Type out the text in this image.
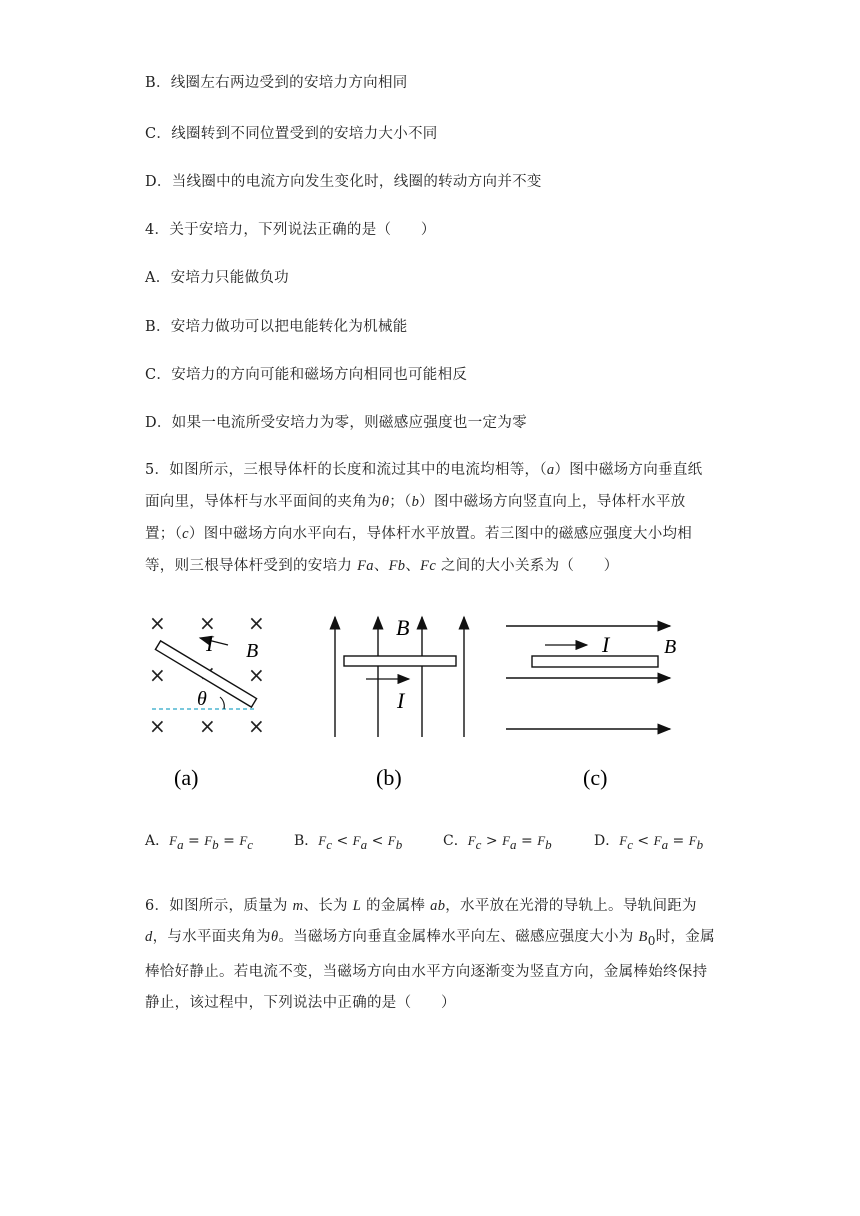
B．线圈左右两边受到的安培力方向相同
C．线圈转到不同位置受到的安培力大小不同
D．当线圈中的电流方向发生变化时，线圈的转动方向并不变
4．关于安培力，下列说法正确的是（　　）
A．安培力只能做负功
B．安培力做功可以把电能转化为机械能
C．安培力的方向可能和磁场方向相同也可能相反
D．如果一电流所受安培力为零，则磁感应强度也一定为零
5．如图所示，三根导体杆的长度和流过其中的电流均相等，（a）图中磁场方向垂直纸面向里，导体杆与水平面间的夹角为θ；（b）图中磁场方向竖直向上，导体杆水平放置；（c）图中磁场方向水平向右，导体杆水平放置。若三图中的磁感应强度大小均相等，则三根导体杆受到的安培力 Fa、Fb、Fc 之间的大小关系为（　　）
× × ×
×	×
× × ×
I B
θ
(a)
B
I
(b)
I	B
(c)
A．$F_a = F_b = F_c$	B．$F_c < F_a < F_b$	C．$F_c > F_a = F_b$	D．$F_c < F_a = F_b$
6．如图所示，质量为 m、长为 L 的金属棒 ab，水平放在光滑的导轨上。导轨间距为 d，与水平面夹角为θ。当磁场方向垂直金属棒水平向左、磁感应强度大小为 $B_0$时，金属棒恰好静止。若电流不变，当磁场方向由水平方向逐渐变为竖直方向，金属棒始终保持静止，该过程中，下列说法中正确的是（　　）
